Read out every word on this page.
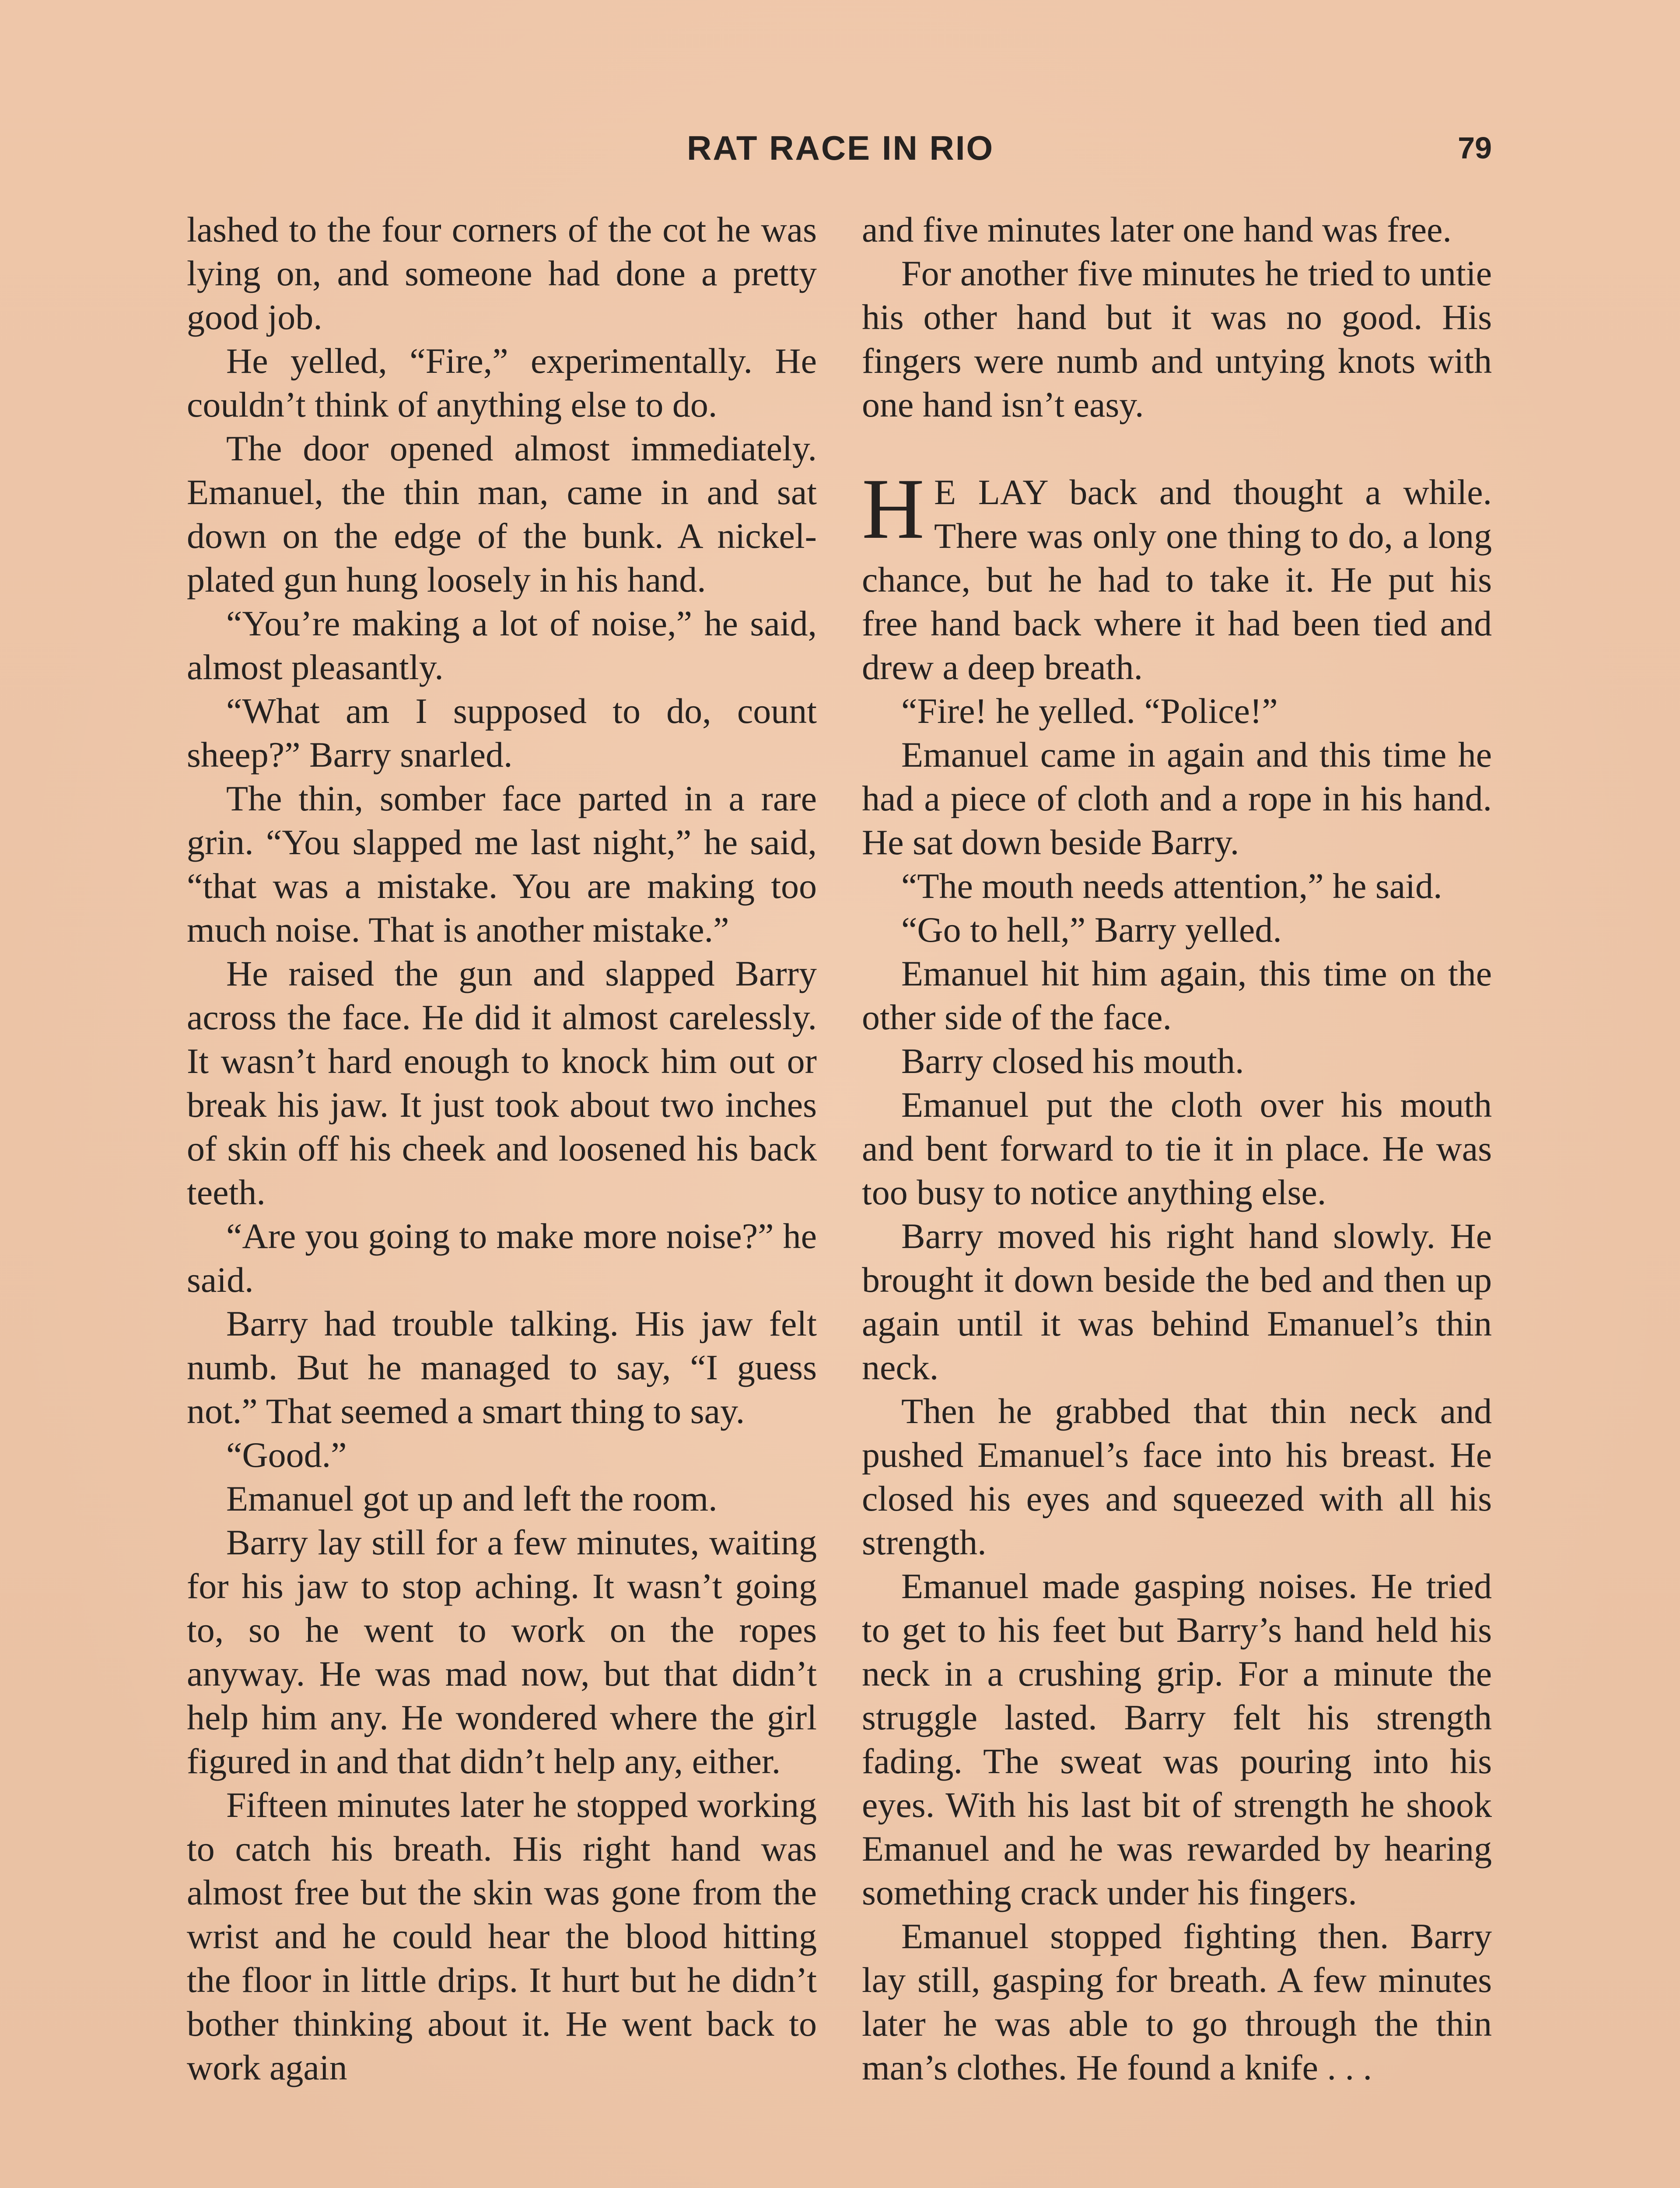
RAT RACE IN RIO	79

lashed to the four corners of the cot he was lying on, and someone had done a pretty good job.

He yelled, “Fire,” experimentally. He couldn’t think of anything else to do.

The door opened almost immediately. Emanuel, the thin man, came in and sat down on the edge of the bunk. A nickel-plated gun hung loosely in his hand.

“You’re making a lot of noise,” he said, almost pleasantly.

“What am I supposed to do, count sheep?” Barry snarled.

The thin, somber face parted in a rare grin. “You slapped me last night,” he said, “that was a mistake. You are making too much noise. That is another mistake.”

He raised the gun and slapped Barry across the face. He did it almost carelessly. It wasn’t hard enough to knock him out or break his jaw. It just took about two inches of skin off his cheek and loosened his back teeth.

“Are you going to make more noise?” he said.

Barry had trouble talking. His jaw felt numb. But he managed to say, “I guess not.” That seemed a smart thing to say.

“Good.”

Emanuel got up and left the room.

Barry lay still for a few minutes, waiting for his jaw to stop aching. It wasn’t going to, so he went to work on the ropes anyway. He was mad now, but that didn’t help him any. He wondered where the girl figured in and that didn’t help any, either.

Fifteen minutes later he stopped working to catch his breath. His right hand was almost free but the skin was gone from the wrist and he could hear the blood hitting the floor in little drips. It hurt but he didn’t bother thinking about it. He went back to work again

and five minutes later one hand was free.

For another five minutes he tried to untie his other hand but it was no good. His fingers were numb and untying knots with one hand isn’t easy.

H E LAY back and thought a while. There was only one thing to do, a long chance, but he had to take it. He put his free hand back where it had been tied and drew a deep breath.

“Fire! he yelled. “Police!”

Emanuel came in again and this time he had a piece of cloth and a rope in his hand. He sat down beside Barry.

“The mouth needs attention,” he said.

“Go to hell,” Barry yelled.

Emanuel hit him again, this time on the other side of the face.

Barry closed his mouth.

Emanuel put the cloth over his mouth and bent forward to tie it in place. He was too busy to notice anything else.

Barry moved his right hand slowly. He brought it down beside the bed and then up again until it was behind Emanuel’s thin neck.

Then he grabbed that thin neck and pushed Emanuel’s face into his breast. He closed his eyes and squeezed with all his strength.

Emanuel made gasping noises. He tried to get to his feet but Barry’s hand held his neck in a crushing grip. For a minute the struggle lasted. Barry felt his strength fading. The sweat was pouring into his eyes. With his last bit of strength he shook Emanuel and he was rewarded by hearing something crack under his fingers.

Emanuel stopped fighting then. Barry lay still, gasping for breath. A few minutes later he was able to go through the thin man’s clothes. He found a knife . . .
